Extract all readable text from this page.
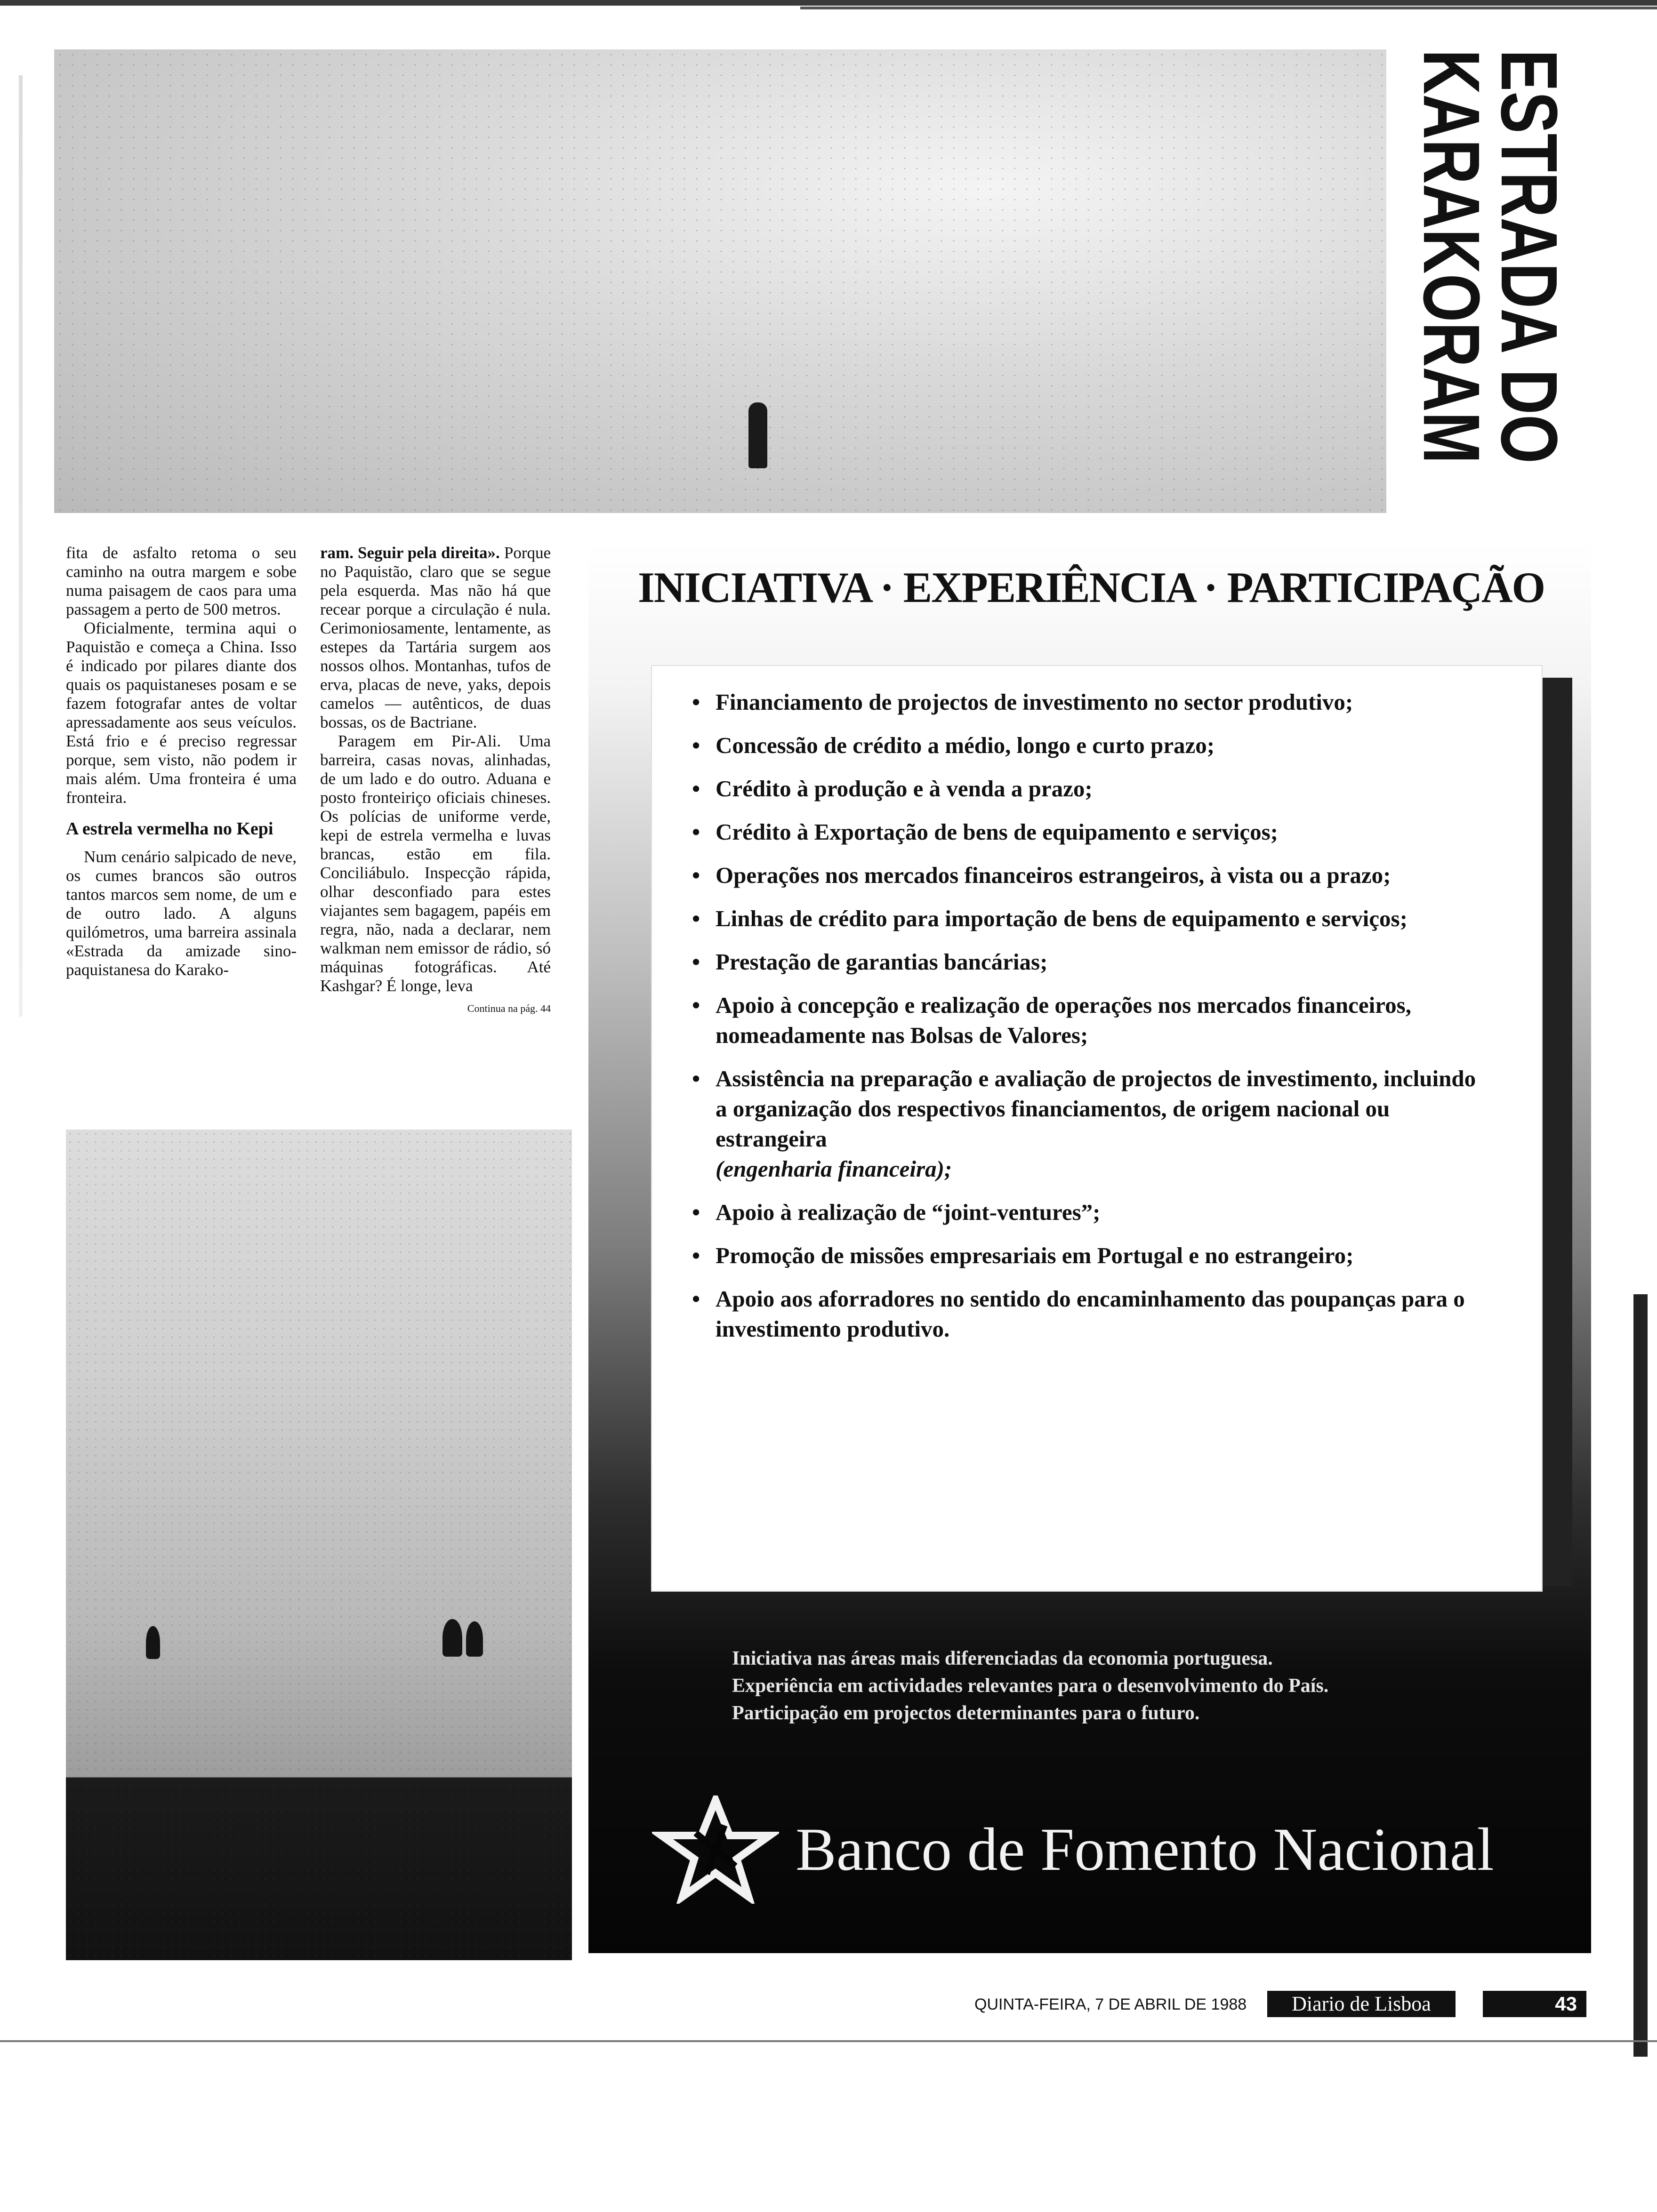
ESTRADA DO
KARAKORAM

fita de asfalto retoma o seu caminho na outra margem e sobe numa paisagem de caos para uma passagem a perto de 500 metros.

Oficialmente, termina aqui o Paquistão e começa a China. Isso é indicado por pilares diante dos quais os paquistaneses posam e se fazem fotografar antes de voltar apressadamente aos seus veículos. Está frio e é preciso regressar porque, sem visto, não podem ir mais além. Uma fronteira é uma fronteira.

A estrela vermelha no Kepi

Num cenário salpicado de neve, os cumes brancos são outros tantos marcos sem nome, de um e de outro lado. A alguns quilómetros, uma barreira assinala «Estrada da amizade sino-paquistanesa do Karako-

ram. Seguir pela direita». Porque no Paquistão, claro que se segue pela esquerda. Mas não há que recear porque a circulação é nula. Cerimoniosamente, lentamente, as estepes da Tartária surgem aos nossos olhos. Montanhas, tufos de erva, placas de neve, yaks, depois camelos — autênticos, de duas bossas, os de Bactriane.

Paragem em Pir-Ali. Uma barreira, casas novas, alinhadas, de um lado e do outro. Aduana e posto fronteiriço oficiais chineses. Os polícias de uniforme verde, kepi de estrela vermelha e luvas brancas, estão em fila. Conciliábulo. Inspecção rápida, olhar desconfiado para estes viajantes sem bagagem, papéis em regra, não, nada a declarar, nem walkman nem emissor de rádio, só máquinas fotográficas. Até Kashgar? É longe, leva

Continua na pág. 44
INICIATIVA · EXPERIÊNCIA · PARTICIPAÇÃO
• Financiamento de projectos de investimento no sector produtivo;
• Concessão de crédito a médio, longo e curto prazo;
• Crédito à produção e à venda a prazo;
• Crédito à Exportação de bens de equipamento e serviços;
• Operações nos mercados financeiros estrangeiros, à vista ou a prazo;
• Linhas de crédito para importação de bens de equipamento e serviços;
• Prestação de garantias bancárias;
• Apoio à concepção e realização de operações nos mercados financeiros, nomeadamente nas Bolsas de Valores;
• Assistência na preparação e avaliação de projectos de investimento, incluindo a organização dos respectivos financiamentos, de origem nacional ou estrangeira
(engenharia financeira);
• Apoio à realização de “joint-ventures”;
• Promoção de missões empresariais em Portugal e no estrangeiro;
• Apoio aos aforradores no sentido do encaminhamento das poupanças para o investimento produtivo.
Iniciativa nas áreas mais diferenciadas da economia portuguesa.
Experiência em actividades relevantes para o desenvolvimento do País.
Participação em projectos determinantes para o futuro.
Banco de Fomento Nacional
QUINTA-FEIRA, 7 DE ABRIL DE 1988	Diario de Lisboa	43
